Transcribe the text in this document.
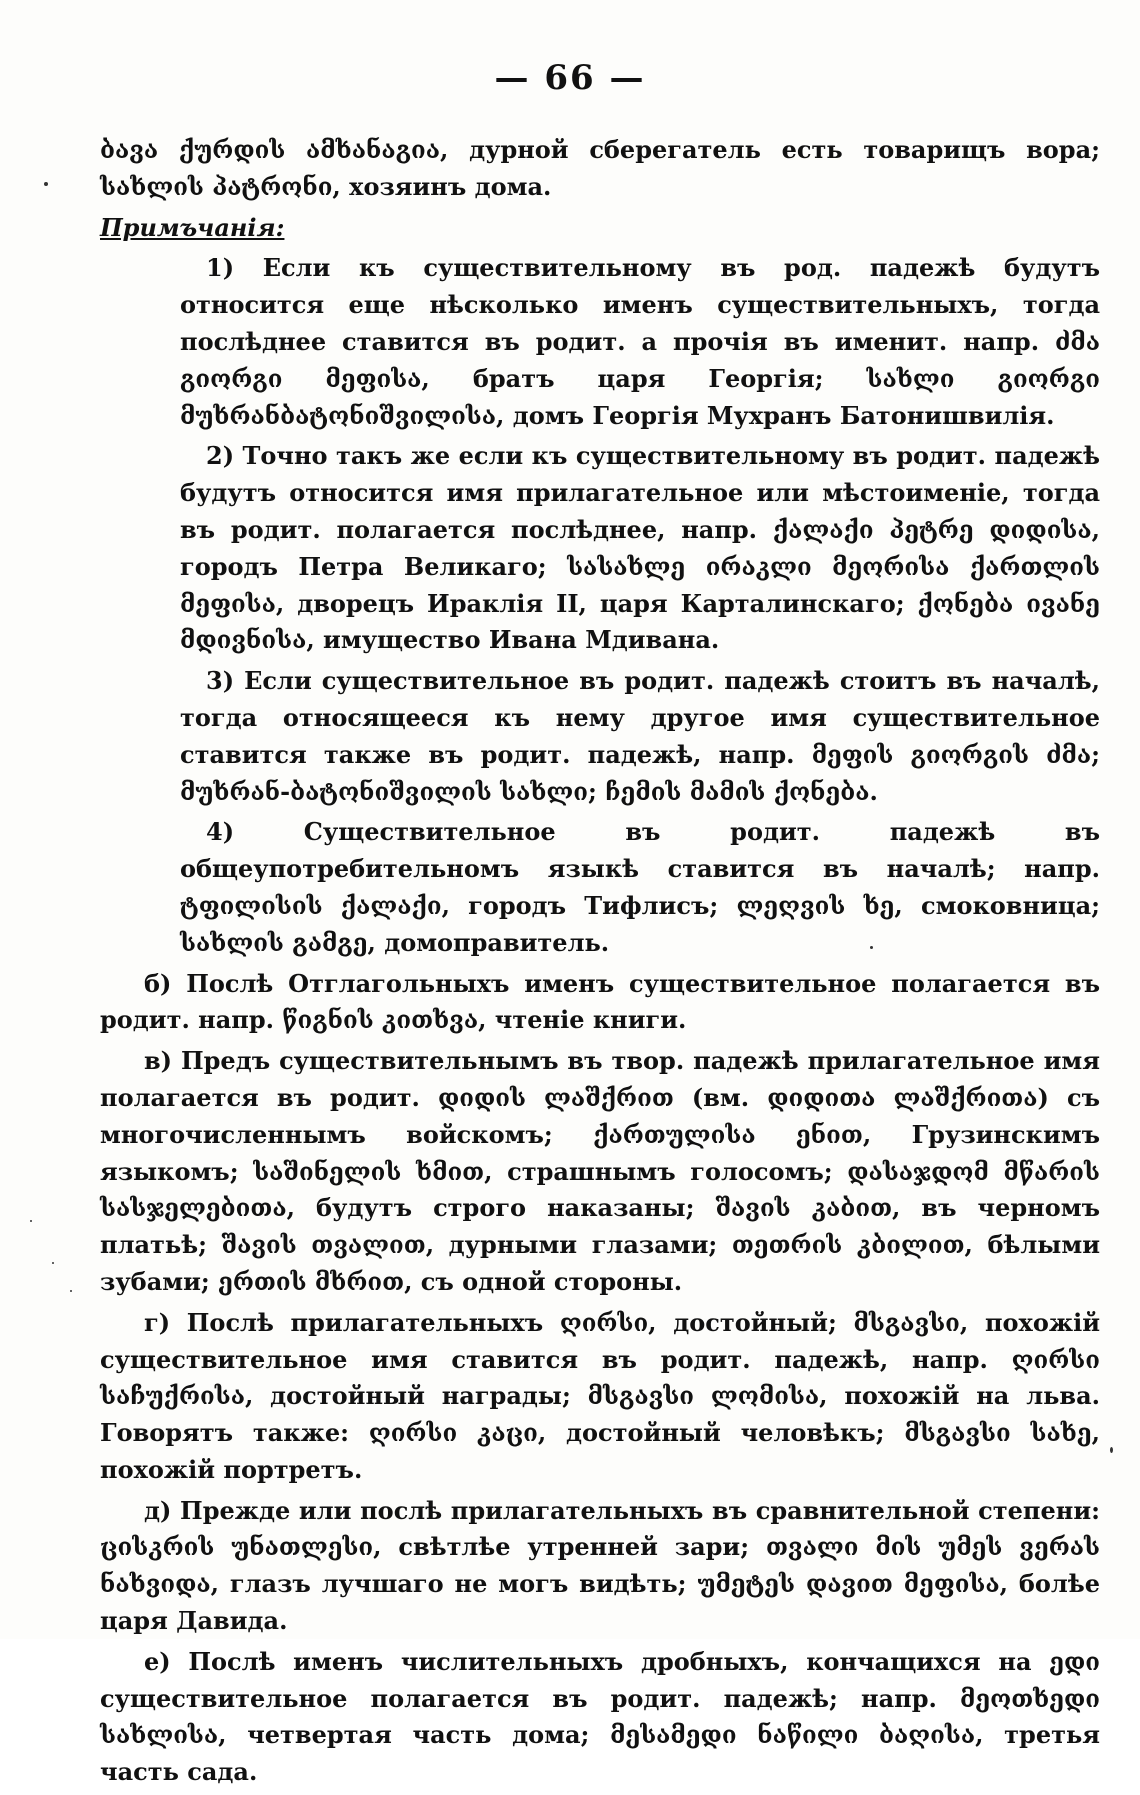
— 66 —

ბავა ქურდის ამხანაგია, дурной сберегатель есть товарищъ вора; სახლის პატრონი, хозяинъ дома.

Примъчанія:

1) Если къ существительному въ род. падежѣ будутъ относится еще нѣсколько именъ существительныхъ, тогда послѣднее ставится въ родит. а прочія въ именит. напр. ძმა გიორგი მეფისა, братъ царя Георгія; სახლი გიორგი მუხრანბატონიშვილისა, домъ Георгія Мухранъ Батонишвилія.

2) Точно такъ же если къ существительному въ родит. падежѣ будутъ относится имя прилагательное или мѣстоименіе, тогда въ родит. полагается послѣднее, напр. ქალაქი პეტრე დიდისა, городъ Петра Великаго; სასახლე ირაკლი მეორისა ქართლის მეფისა, дворецъ Ираклія II, царя Карталинскаго; ქონება ივანე მდივნისა, имущество Ивана Мдивана.

3) Если существительное въ родит. падежѣ стоитъ въ началѣ, тогда относящееся къ нему другое имя существительное ставится также въ родит. падежѣ, напр. მეფის გიორგის ძმა; მუხრან-ბატონიშვილის სახლი; ჩემის მამის ქონება.

4) Существительное въ родит. падежѣ въ общеупотребительномъ языкѣ ставится въ началѣ; напр. ტფილისის ქალაქი, городъ Тифлисъ; ლეღვის ხე, смоковница; სახლის გამგე, домоправитель.

б) Послѣ Отглагольныхъ именъ существительное полагается въ родит. напр. წიგნის კითხვა, чтеніе книги.

в) Предъ существительнымъ въ твор. падежѣ прилагательное имя полагается въ родит. დიდის ლაშქრით (вм. დიდითა ლაშქრითა) съ многочисленнымъ войскомъ; ქართულისა ენით, Грузинскимъ языкомъ; საშინელის ხმით, страшнымъ голосомъ; დასაჯდომ მწარის სასჯელებითა, будутъ строго наказаны; შავის კაბით, въ черномъ платьѣ; შავის თვალით, дурными глазами; თეთრის კბილით, бѣлыми зубами; ერთის მხრით, съ одной стороны.

г) Послѣ прилагательныхъ ღირსი, достойный; მსგავსი, похожій существительное имя ставится въ родит. падежѣ, напр. ღირსი საჩუქრისა, достойный награды; მსგავსი ლომისა, похожій на льва. Говорятъ также: ღირსი კაცი, достойный человѣкъ; მსგავსი სახე, похожій портретъ.

д) Прежде или послѣ прилагательныхъ въ сравнительной степени: ცისკრის უნათლესი, свѣтлѣе утренней зари; თვალი მის უმეს ვერას ნახვიდა, глазъ лучшаго не могъ видѣть; უმეტეს დავით მეფისა, болѣе царя Давида.

е) Послѣ именъ числительныхъ дробныхъ, кончащихся на ედი существительное полагается въ родит. падежѣ; напр. მეოთხედი სახლისა, четвертая часть дома; მესამედი ნაწილი ბაღისა, третья часть сада.
